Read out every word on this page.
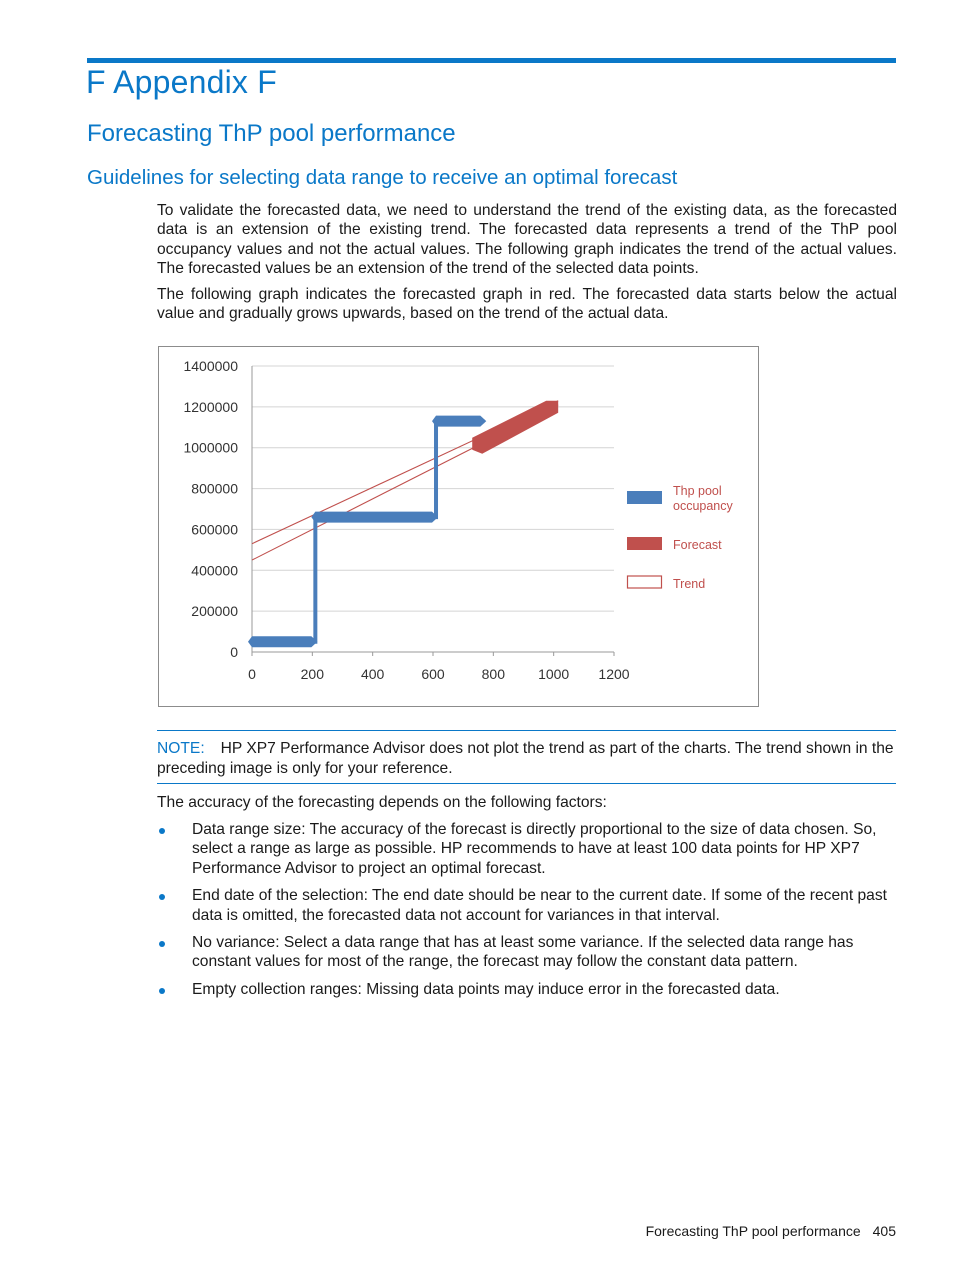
F Appendix F
Forecasting ThP pool performance
Guidelines for selecting data range to receive an optimal forecast

To validate the forecasted data, we need to understand the trend of the existing data, as the forecasted data is an extension of the existing trend. The forecasted data represents a trend of the ThP pool occupancy values and not the actual values. The following graph indicates the trend of the actual values. The forecasted values be an extension of the trend of the selected data points.

The following graph indicates the forecasted graph in red. The forecasted data starts below the actual value and gradually grows upwards, based on the trend of the actual data.

0
200000
400000
600000
800000
1000000
1200000
1400000
0	200	400	600	800 1000 1200
Thp pool occupancy
Forecast
Trend
NOTE: HP XP7 Performance Advisor does not plot the trend as part of the charts. The trend shown in the preceding image is only for your reference.

The accuracy of the forecasting depends on the following factors:

Data range size: The accuracy of the forecast is directly proportional to the size of data chosen. So, select a range as large as possible. HP recommends to have at least 100 data points for HP XP7 Performance Advisor to project an optimal forecast.
End date of the selection: The end date should be near to the current date. If some of the recent past data is omitted, the forecasted data not account for variances in that interval.
No variance: Select a data range that has at least some variance. If the selected data range has constant values for most of the range, the forecast may follow the constant data pattern.
Empty collection ranges: Missing data points may induce error in the forecasted data.
Forecasting ThP pool performance 405
